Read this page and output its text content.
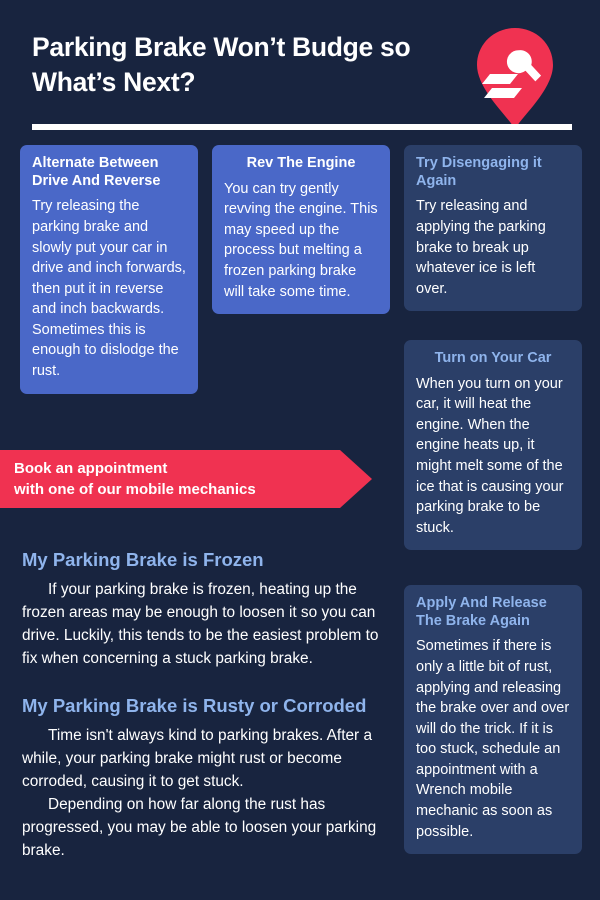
Parking Brake Won’t Budge so What’s Next?
Alternate Between Drive And Reverse

Try releasing the parking brake and slowly put your car in drive and inch forwards, then put it in reverse and inch backwards. Sometimes this is enough to dislodge the rust.

Rev The Engine

You can try gently revving the engine. This may speed up the process but melting a frozen parking brake will take some time.

Try Disengaging it Again

Try releasing and applying the parking brake to break up whatever ice is left over.

Turn on Your Car

When you turn on your car, it will heat the engine. When the engine heats up, it might melt some of the ice that is causing your parking brake to be stuck.

Apply And Release The Brake Again

Sometimes if there is only a little bit of rust, applying and releasing the brake over and over will do the trick. If it is too stuck, schedule an appointment with a Wrench mobile mechanic as soon as possible.

Book an appointment
with one of our mobile mechanics
My Parking Brake is Frozen

If your parking brake is frozen, heating up the frozen areas may be enough to loosen it so you can drive. Luckily, this tends to be the easiest problem to fix when concerning a stuck parking brake.

My Parking Brake is Rusty or Corroded

Time isn't always kind to parking brakes. After a while, your parking brake might rust or become corroded, causing it to get stuck.

Depending on how far along the rust has progressed, you may be able to loosen your parking brake.
